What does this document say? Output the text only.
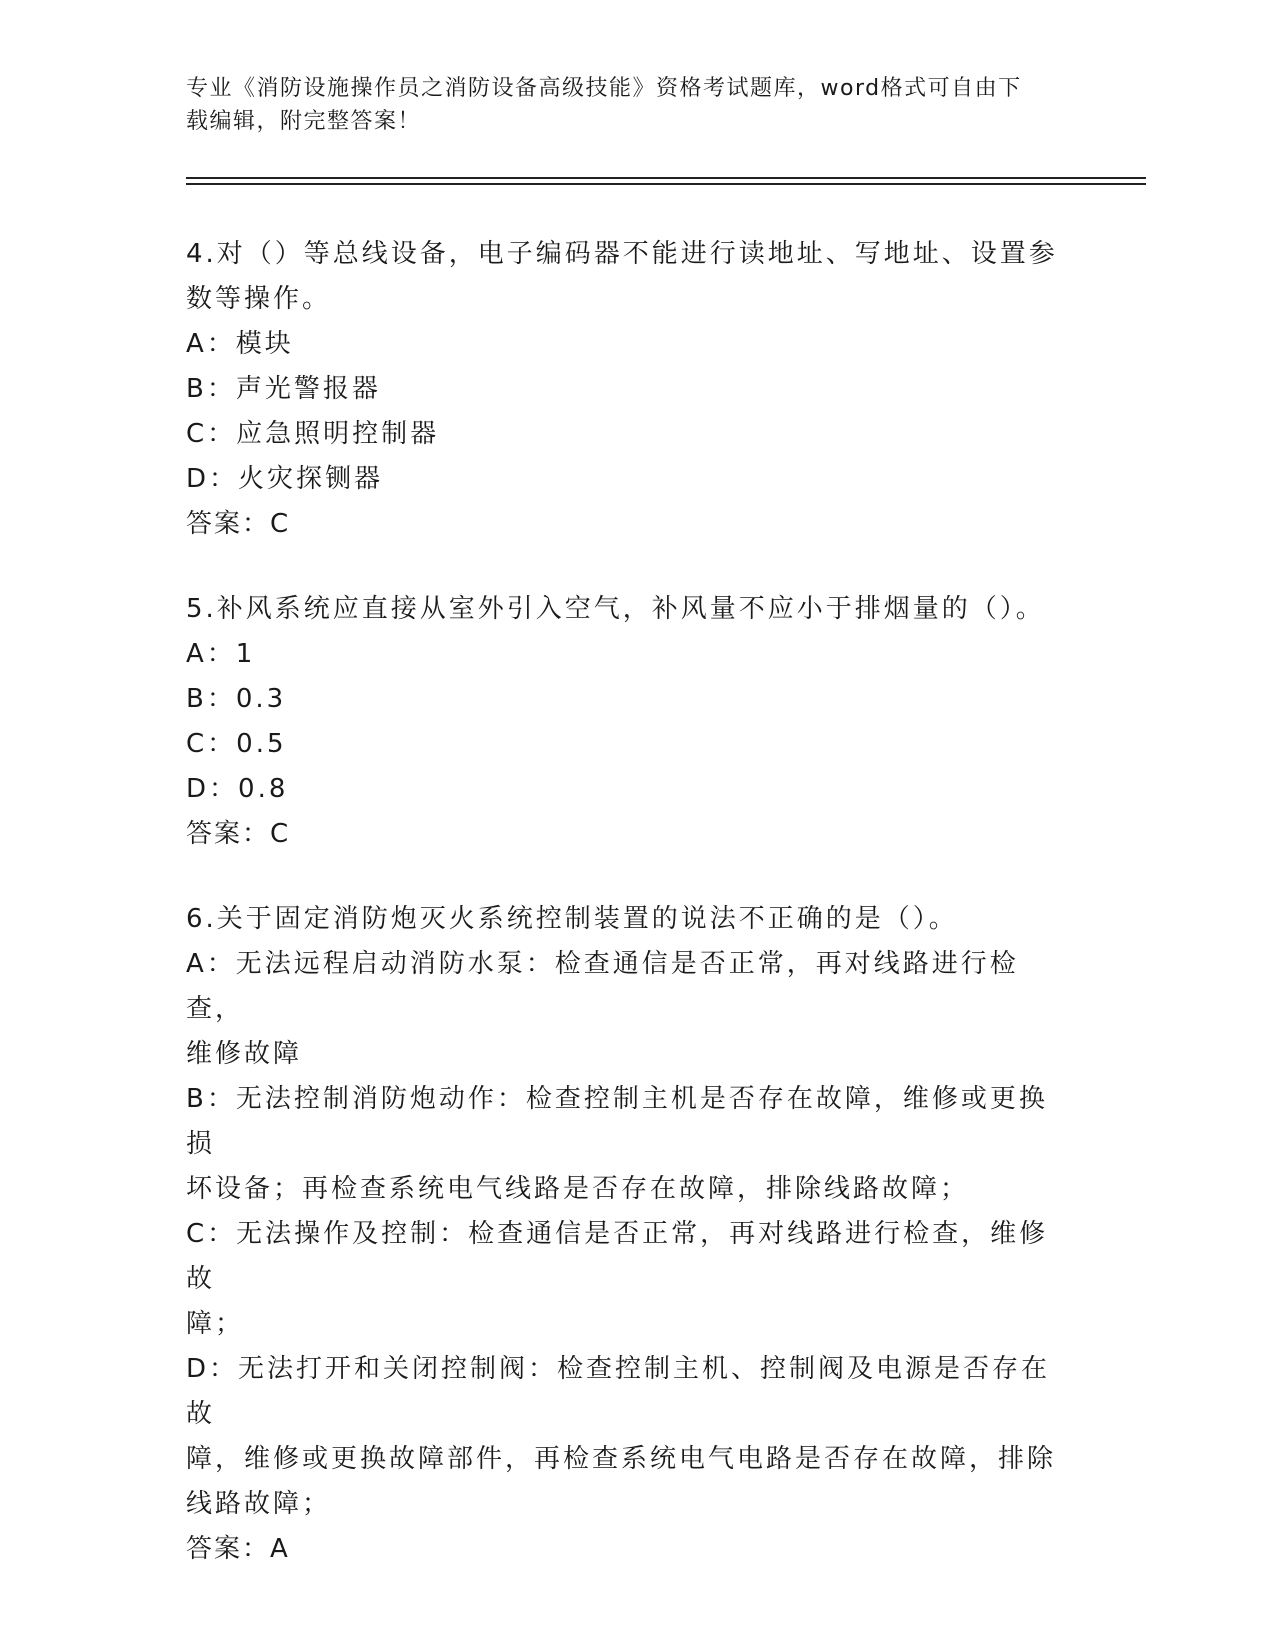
专业《消防设施操作员之消防设备高级技能》资格考试题库，word格式可自由下
载编辑，附完整答案！
4.对（）等总线设备，电子编码器不能进行读地址、写地址、设置参
数等操作。
A：模块
B：声光警报器
C：应急照明控制器
D：火灾探铡器
答案：C
5.补风系统应直接从室外引入空气，补风量不应小于排烟量的（）。
A：1
B：0.3
C：0.5
D：0.8
答案：C
6.关于固定消防炮灭火系统控制装置的说法不正确的是（）。
A：无法远程启动消防水泵：检查通信是否正常，再对线路进行检查，
维修故障
B：无法控制消防炮动作：检查控制主机是否存在故障，维修或更换损
坏设备；再检查系统电气线路是否存在故障，排除线路故障；
C：无法操作及控制：检查通信是否正常，再对线路进行检查，维修故
障；
D：无法打开和关闭控制阀：检查控制主机、控制阀及电源是否存在故
障，维修或更换故障部件，再检查系统电气电路是否存在故障，排除
线路故障；
答案：A
